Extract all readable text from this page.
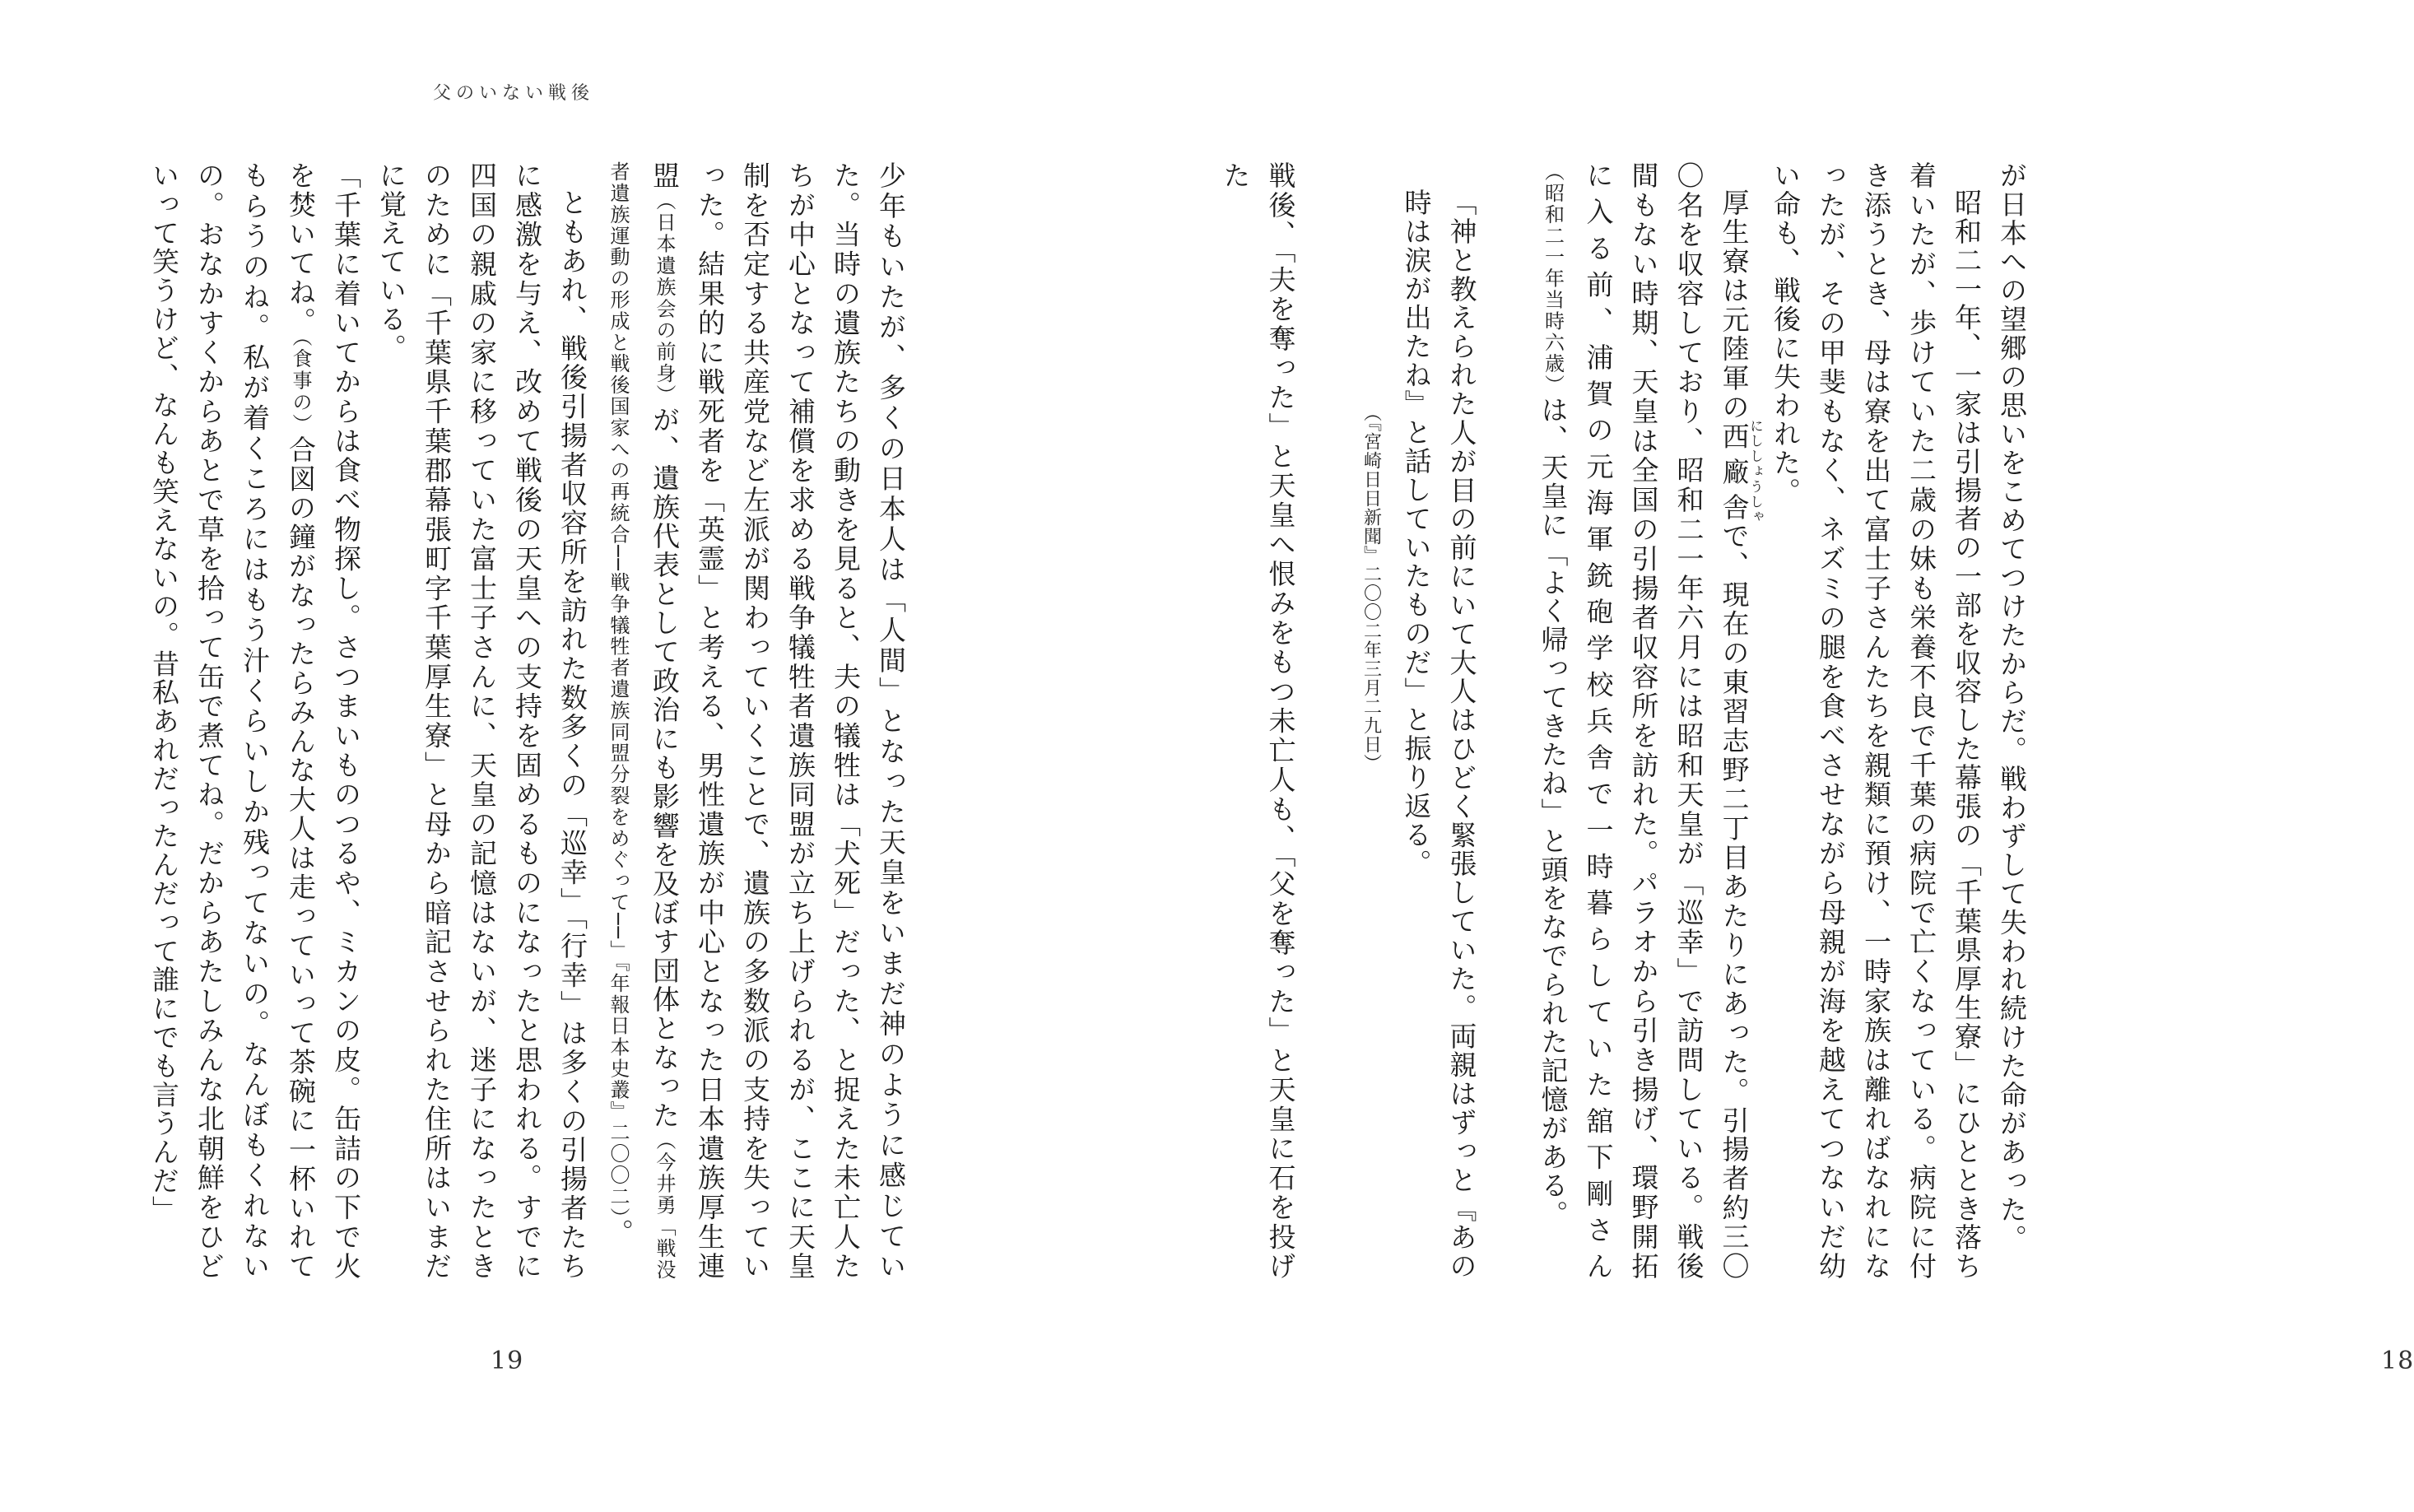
父のいない戦後

少年もいたが、多くの日本人は「人間」となった天皇をいまだ神のように感じていた。当時の遺族たちの動きを見ると、夫の犠牲は「犬死」だった、と捉えた未亡人たちが中心となって補償を求める戦争犠牲者遺族同盟が立ち上げられるが、ここに天皇制を否定する共産党など左派が関わっていくことで、遺族の多数派の支持を失っていった。結果的に戦死者を「英霊」と考える、男性遺族が中心となった日本遺族厚生連盟（日本遺族会の前身）が、遺族代表として政治にも影響を及ぼす団体となった（今井勇「戦没者遺族運動の形成と戦後国家への再統合──戦争犠牲者遺族同盟分裂をめぐって──」『年報日本史叢』二〇〇二）。

ともあれ、戦後引揚者収容所を訪れた数多くの「巡幸」「行幸」は多くの引揚者たちに感激を与え、改めて戦後の天皇への支持を固めるものになったと思われる。すでに四国の親戚の家に移っていた富士子さんに、天皇の記憶はないが、迷子になったときのために「千葉県千葉郡幕張町字千葉厚生寮」と母から暗記させられた住所はいまだに覚えている。

「千葉に着いてからは食べ物探し。さつまいものつるや、ミカンの皮。缶詰の下で火を焚いてね。（食事の）合図の鐘がなったらみんな大人は走っていって茶碗に一杯いれてもらうのね。私が着くころにはもう汁くらいしか残ってないの。なんぼもくれないの。おなかすくからあとで草を拾って缶で煮てね。だからあたしみんな北朝鮮をひどいって笑うけど、なんも笑えないの。昔私あれだったんだって誰にでも言うんだ」

19

が日本への望郷の思いをこめてつけたからだ。戦わずして失われ続けた命があった。

昭和二一年、一家は引揚者の一部を収容した幕張の「千葉県厚生寮」にひととき落ち着いたが、歩けていた二歳の妹も栄養不良で千葉の病院で亡くなっている。病院に付き添うとき、母は寮を出て富士子さんたちを親類に預け、一時家族は離ればなれになったが、その甲斐もなく、ネズミの腿を食べさせながら母親が海を越えてつないだ幼い命も、戦後に失われた。

厚生寮は元陸軍の西廠舎にししょうしゃで、現在の東習志野二丁目あたりにあった。引揚者約三〇〇名を収容しており、昭和二一年六月には昭和天皇が「巡幸」で訪問している。戦後間もない時期、天皇は全国の引揚者収容所を訪れた。パラオから引き揚げ、環野開拓に入る前、浦賀の元海軍銃砲学校兵舎で一時暮らしていた舘下剛さん（昭和二一年当時六歳）は、天皇に「よく帰ってきたね」と頭をなでられた記憶がある。

「神と教えられた人が目の前にいて大人はひどく緊張していた。両親はずっと『あの時は涙が出たね』と話していたものだ」と振り返る。

（『宮崎日日新聞』二〇〇二年三月二九日）

戦後、「夫を奪った」と天皇へ恨みをもつ未亡人も、「父を奪った」と天皇に石を投げた

18
